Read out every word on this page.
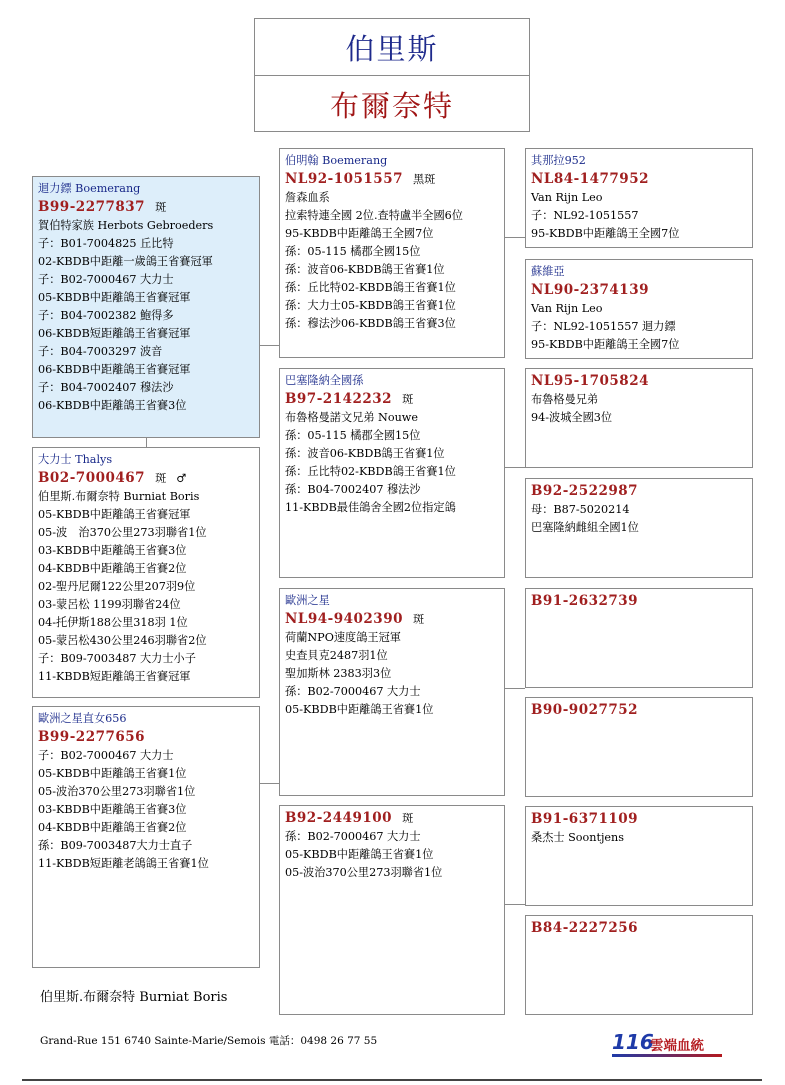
伯里斯
布爾奈特
迴力鏢 Boemerang
B99-2277837 斑
賀伯特家族 Herbots Gebroeders
子：B01-7004825 丘比特
02-KBDB中距離一歲鴿王省賽冠軍
子：B02-7000467 大力士
05-KBDB中距離鴿王省賽冠軍
子：B04-7002382 鮑得多
06-KBDB短距離鴿王省賽冠軍
子：B04-7003297 波音
06-KBDB中距離鴿王省賽冠軍
子：B04-7002407 穆法沙
06-KBDB中距離鴿王省賽3位
大力士 Thalys
B02-7000467 斑 ♂
伯里斯.布爾奈特 Burniat Boris
05-KBDB中距離鴿王省賽冠軍
05-波　治370公里273羽聯省1位
03-KBDB中距離鴿王省賽3位
04-KBDB中距離鴿王省賽2位
02-聖丹尼爾122公里207羽9位
03-蒙呂松 1199羽聯省24位
04-托伊斯188公里318羽 1位
05-蒙呂松430公里246羽聯省2位
子：B09-7003487 大力士小子
11-KBDB短距離鴿王省賽冠軍
歐洲之星直女656
B99-2277656
子：B02-7000467 大力士
05-KBDB中距離鴿王省賽1位
05-波治370公里273羽聯省1位
03-KBDB中距離鴿王省賽3位
04-KBDB中距離鴿王省賽2位
孫：B09-7003487大力士直子
11-KBDB短距離老鴿鴿王省賽1位
伯明翰 Boemerang
NL92-1051557 黑斑
詹森血系
拉索特連全國 2位.查特盧半全國6位
95-KBDB中距離鴿王全國7位
孫：05-115 橘郡全國15位
孫：波音06-KBDB鴿王省賽1位
孫：丘比特02-KBDB鴿王省賽1位
孫：大力士05-KBDB鴿王省賽1位
孫：穆法沙06-KBDB鴿王省賽3位
巴塞隆納全國孫
B97-2142232 斑
布魯格曼諾文兄弟 Nouwe
孫：05-115 橘郡全國15位
孫：波音06-KBDB鴿王省賽1位
孫：丘比特02-KBDB鴿王省賽1位
孫：B04-7002407 穆法沙
11-KBDB最佳鴿舍全國2位指定鴿
歐洲之星
NL94-9402390 斑
荷蘭NPO速度鴿王冠軍
史查貝克2487羽1位
聖加斯林 2383羽3位
孫：B02-7000467 大力士
05-KBDB中距離鴿王省賽1位
B92-2449100 斑
孫：B02-7000467 大力士
05-KBDB中距離鴿王省賽1位
05-波治370公里273羽聯省1位
其那拉952
NL84-1477952
Van Rijn Leo
子：NL92-1051557
95-KBDB中距離鴿王全國7位
蘇維亞
NL90-2374139
Van Rijn Leo
子：NL92-1051557 迴力鏢
95-KBDB中距離鴿王全國7位
NL95-1705824
布魯格曼兄弟
94-波城全國3位
B92-2522987
母：B87-5020214
巴塞隆納雌組全國1位
B91-2632739
B90-9027752
B91-6371109
桑杰士 Soontjens
B84-2227256
伯里斯.布爾奈特 Burniat Boris
Grand-Rue 151 6740 Sainte-Marie/Semois 電話：0498 26 77 55	116
雲端血統
